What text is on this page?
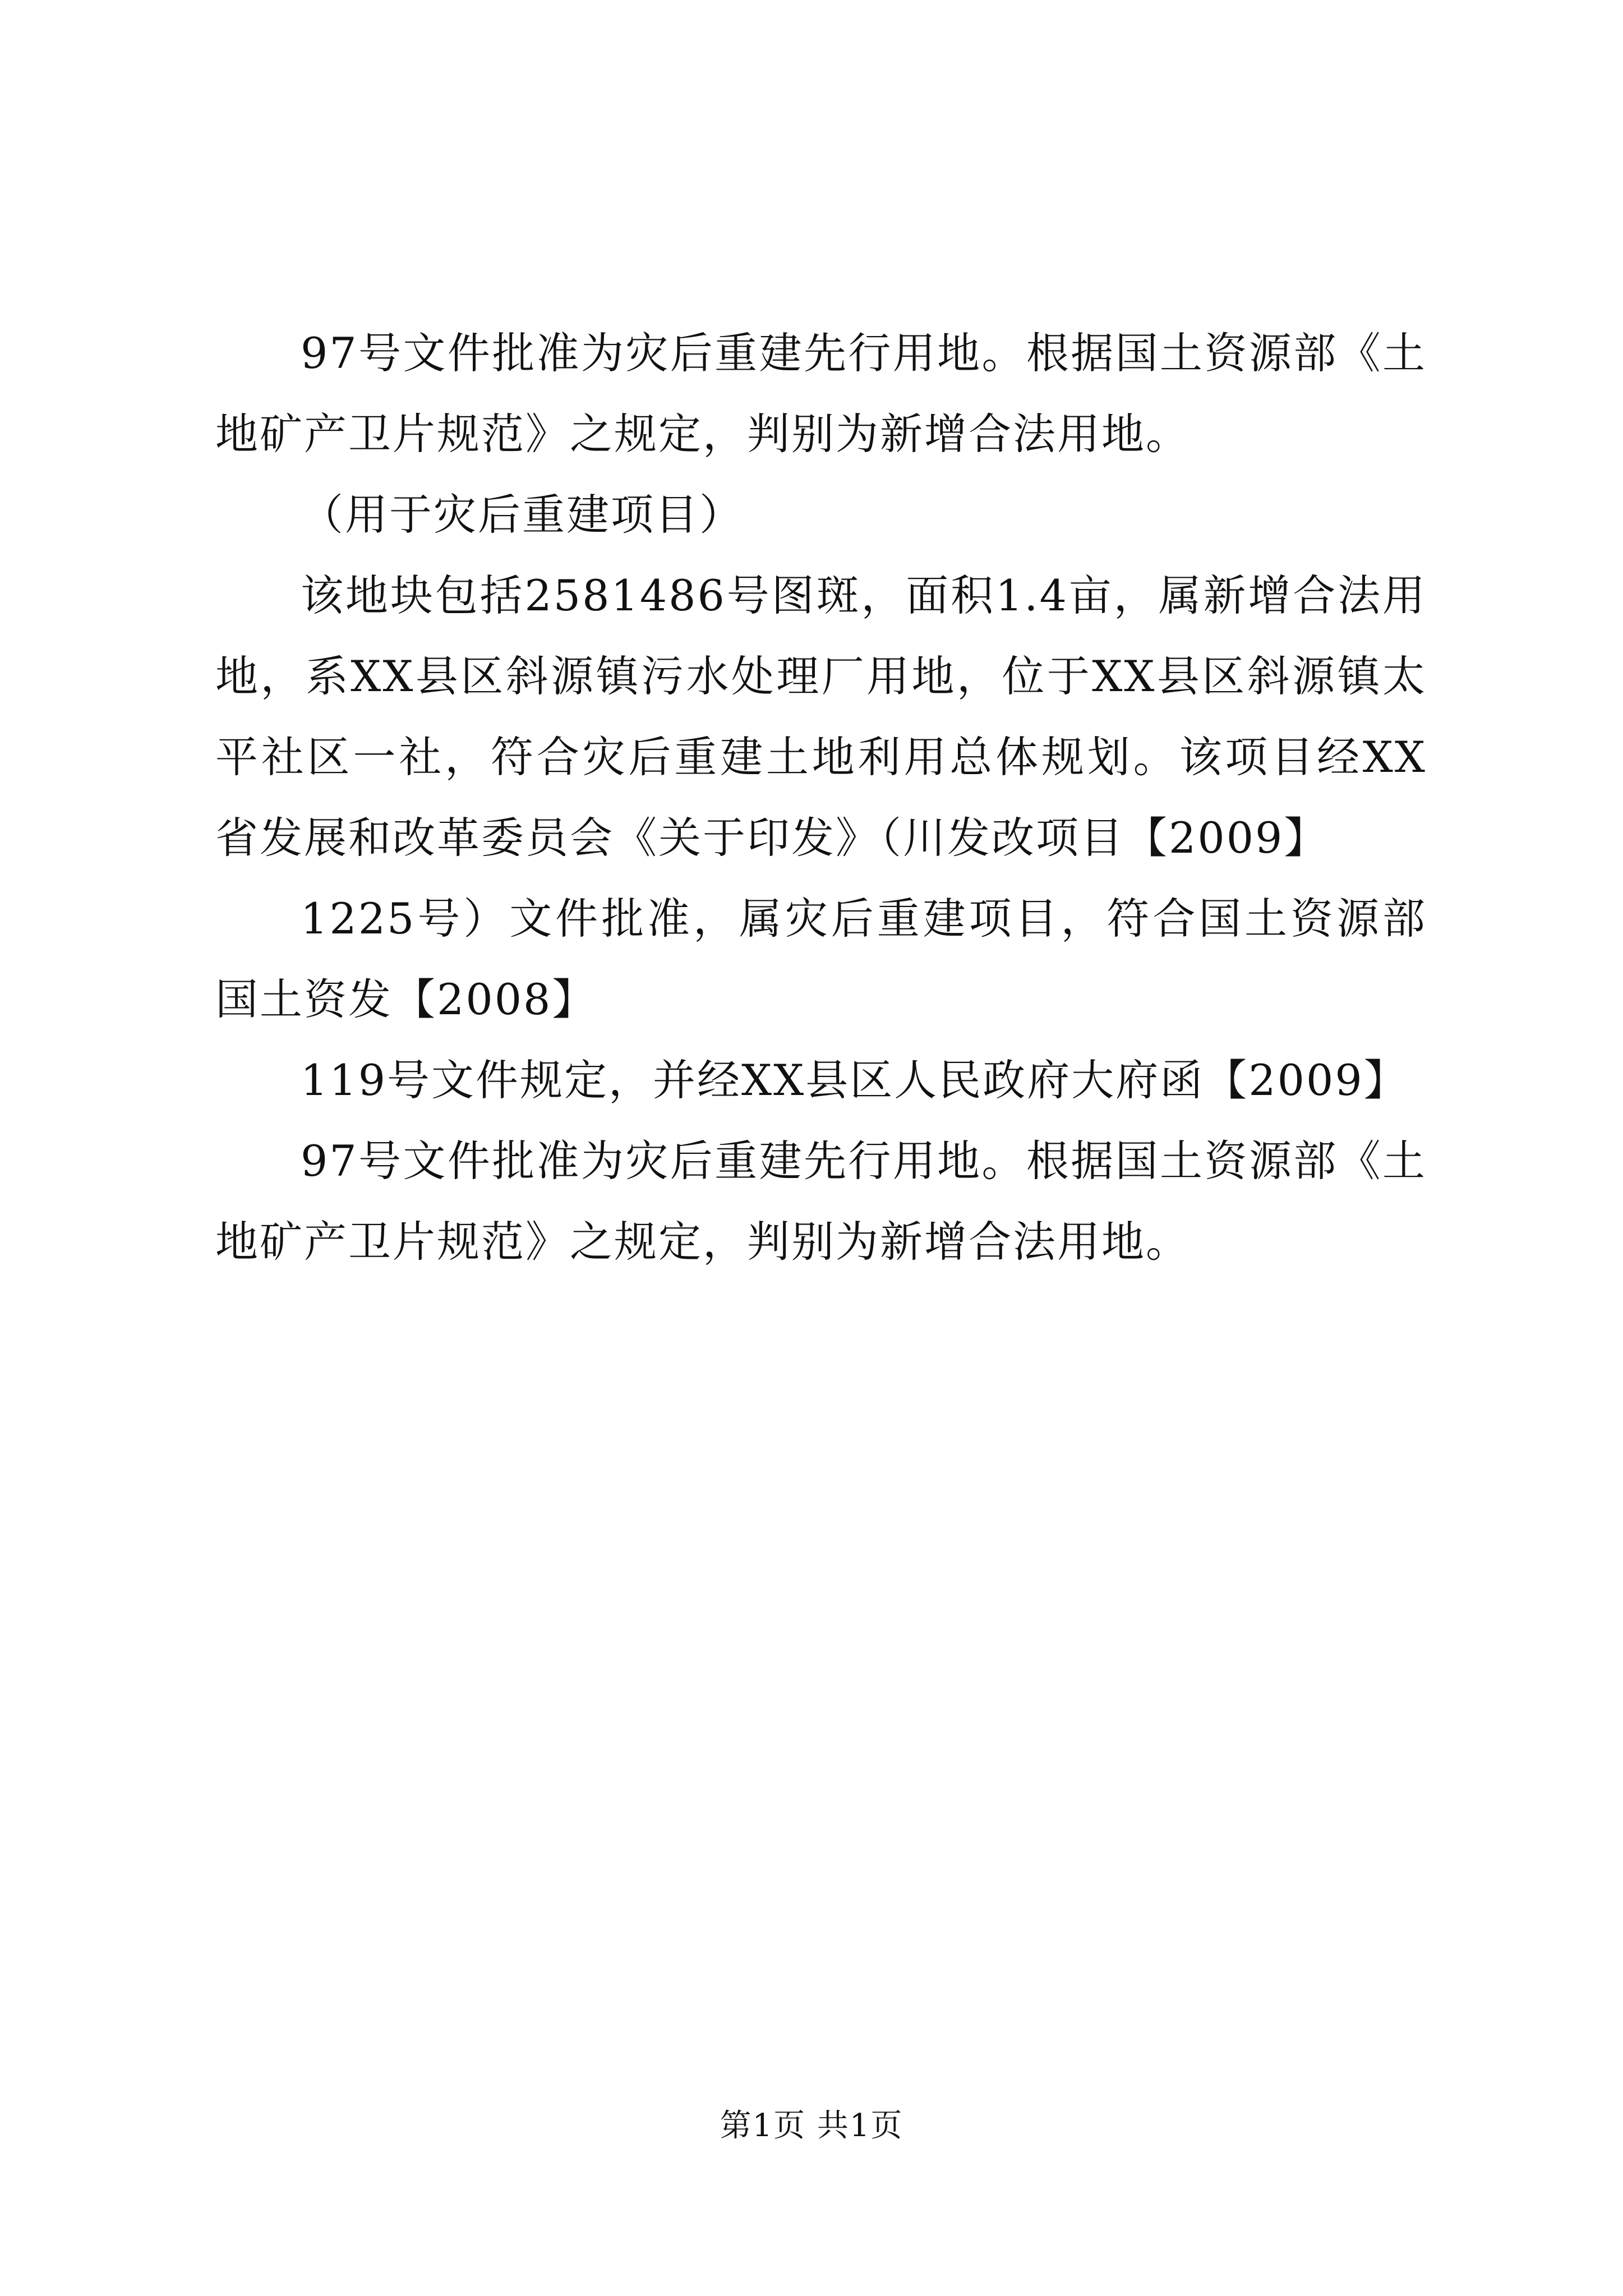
97号文件批准为灾后重建先行用地。根据国土资源部《土地矿产卫片规范》之规定，判别为新增合法用地。

（用于灾后重建项目）

该地块包括2581486号图斑，面积1.4亩，属新增合法用地，系XX县区斜源镇污水处理厂用地，位于XX县区斜源镇太平社区一社，符合灾后重建土地利用总体规划。该项目经XX省发展和改革委员会《关于印发》（川发改项目【2009】

1225号）文件批准，属灾后重建项目，符合国土资源部国土资发【2008】

119号文件规定，并经XX县区人民政府大府函【2009】

97号文件批准为灾后重建先行用地。根据国土资源部《土地矿产卫片规范》之规定，判别为新增合法用地。

第1页 共1页
